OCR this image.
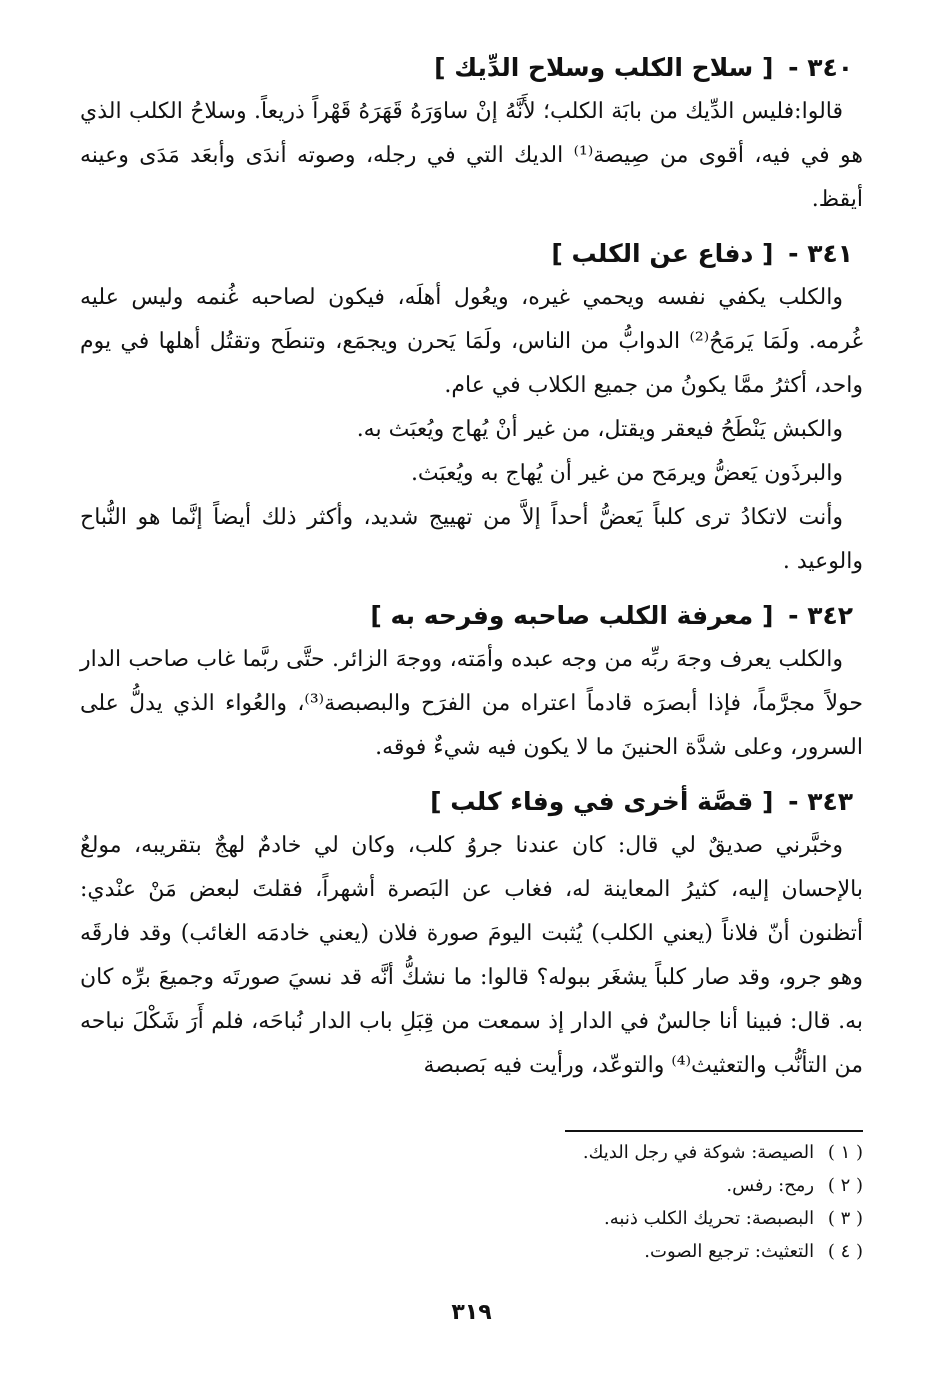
٣٤٠ - [ سلاح الكلب وسلاح الدِّيك ]

قالوا:فليس الدِّيك من بابَة الكلب؛ لأَنَّهُ إنْ ساوَرَهُ قَهَرَهُ قَهْراً ذريعاً. وسلاحُ الكلب الذي هو في فيه، أقوى من صِيصة⁽¹⁾ الديك التي في رجله، وصوته أندَى وأبعَد مَدَى وعينه أيقظ.

٣٤١ - [ دفاع عن الكلب ]

والكلب يكفي نفسه ويحمي غيره، ويعُول أهلَه، فيكون لصاحبه غُنمه وليس عليه غُرمه. ولَمَا يَرمَحُ⁽²⁾ الدوابُّ من الناس، ولَمَا يَحرن ويجمَع، وتنطَح وتقتُل أهلها في يوم واحد، أكثرُ ممَّا يكونُ من جميع الكلاب في عام.

والكبش يَنْطَحُ فيعقر ويقتل، من غير أنْ يُهاج ويُعبَث به.

والبرذَون يَعضُّ ويرمَح من غير أن يُهاج به ويُعبَث.

وأنت لاتكادُ ترى كلباً يَعضُّ أحداً إلاَّ من تهييج شديد، وأكثر ذلك أيضاً إنَّما هو النُّباح والوعيد .

٣٤٢ - [ معرفة الكلب صاحبه وفرحه به ]

والكلب يعرف وجهَ ربِّه من وجه عبده وأمَته، ووجهَ الزائر. حتَّى ربَّما غاب صاحب الدار حولاً مجرَّماً، فإذا أبصرَه قادماً اعتراه من الفرَح والبصبصة⁽³⁾، والعُواء الذي يدلُّ على السرور، وعلى شدَّة الحنينَ ما لا يكون فيه شيءٌ فوقه.

٣٤٣ - [ قصَّة أخرى في وفاء كلب ]

وخبَّرني صديقٌ لي قال: كان عندنا جروُ كلب، وكان لي خادمٌ لهجٌ بتقريبه، مولعٌ بالإحسان إليه، كثيرُ المعاينة له، فغاب عن البَصرة أشهراً، فقلتَ لبعض مَنْ عنْدي: أتظنون أنّ فلاناً (يعني الكلب) يُثبت اليومَ صورة فلان (يعني خادمَه الغائب) وقد فارقَه وهو جرو، وقد صار كلباً يشغَر ببوله؟ قالوا: ما نشكُّ أنَّه قد نسيَ صورتَه وجميعَ برِّه كان به. قال: فبينا أنا جالسٌ في الدار إذ سمعت من قِبَلِ باب الدار نُباحَه، فلم أَرَ شَكْلَ نباحه من التأنُّب والتعثيث⁽⁴⁾ والتوعّد، ورأيت فيه بَصبصة

( ١ ) الصيصة: شوكة في رجل الديك.

( ٢ ) رمح: رفس.

( ٣ ) البصبصة: تحريك الكلب ذنبه.

( ٤ ) التعثيث: ترجيع الصوت.

٣١٩
